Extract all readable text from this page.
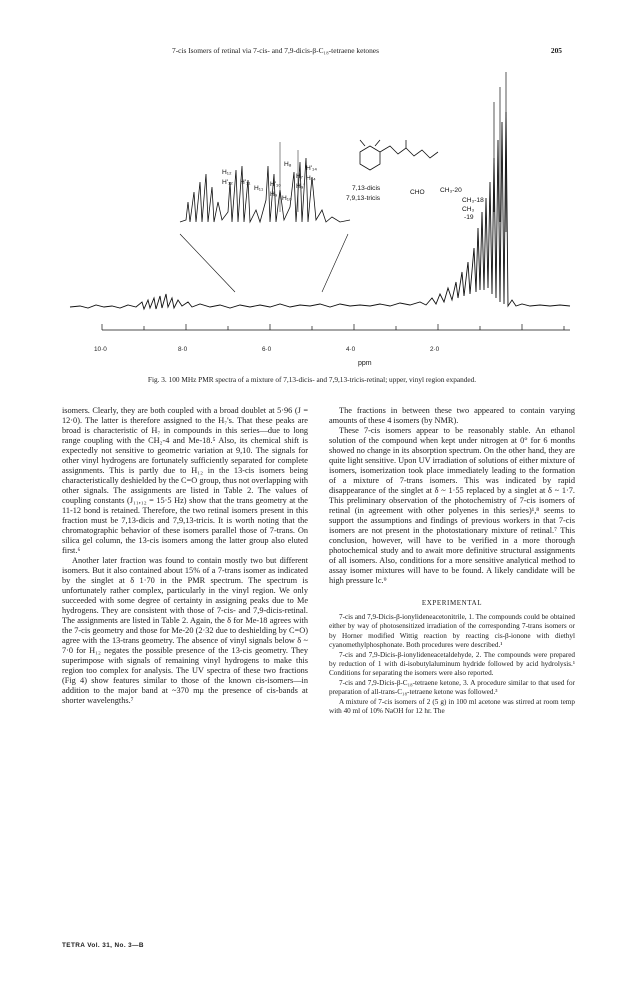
7-cis Isomers of retinal via 7-cis- and 7,9-dicis-β-C₁₈-tetraene ketones	205
H₈
H₁₂
H'₁₂ H'₁₁
H₁₁
H'₁₀
H₉
H₁₀
H₇
H'₁₄
H₁₄
H₉'	7,13-dicis
7,9,13-tricis
CHO CH₃-20
CH₃-18
CH₃
-19
10·0	8·0	6·0	4·0	2·0
ppm
Fig. 3. 100 MHz PMR spectra of a mixture of 7,13-dicis- and 7,9,13-tricis-retinal; upper, vinyl region expanded.

isomers. Clearly, they are both coupled with a broad doublet at 5·96 (J = 12·0). The latter is therefore assigned to the H₇'s. That these peaks are broad is characteristic of H₇ in compounds in this series—due to long range coupling with the CH₂-4 and Me-18.⁵ Also, its chemical shift is expectedly not sensitive to geometric variation at 9,10. The signals for other vinyl hydrogens are fortunately sufficiently separated for complete assignments. This is partly due to H₁₂ in the 13-cis isomers being characteristically deshielded by the C=O group, thus not overlapping with other signals. The assignments are listed in Table 2. The values of coupling constants (J₁₁,₁₂ = 15·5 Hz) show that the trans geometry at the 11-12 bond is retained. Therefore, the two retinal isomers present in this fraction must be 7,13-dicis and 7,9,13-tricis. It is worth noting that the chromatographic behavior of these isomers parallel those of 7-trans. On silica gel column, the 13-cis isomers among the latter group also eluted first.⁶

Another later fraction was found to contain mostly two but different isomers. But it also contained about 15% of a 7-trans isomer as indicated by the singlet at δ 1·70 in the PMR spectrum. The spectrum is unfortunately rather complex, particularly in the vinyl region. We only succeeded with some degree of certainty in assigning peaks due to Me hydrogens. They are consistent with those of 7-cis- and 7,9-dicis-retinal. The assignments are listed in Table 2. Again, the δ for Me-18 agrees with the 7-cis geometry and those for Me-20 (2·32 due to deshielding by C=O) agree with the 13-trans geometry. The absence of vinyl signals below δ ~ 7·0 for H₁₂ negates the possible presence of the 13-cis geometry. They superimpose with signals of remaining vinyl hydrogens to make this region too complex for analysis. The UV spectra of these two fractions (Fig 4) show features similar to those of the known cis-isomers—in addition to the major band at ~370 mμ the presence of cis-bands at shorter wavelengths.⁷

The fractions in between these two appeared to contain varying amounts of these 4 isomers (by NMR).

These 7-cis isomers appear to be reasonably stable. An ethanol solution of the compound when kept under nitrogen at 0° for 6 months showed no change in its absorption spectrum. On the other hand, they are quite light sensitive. Upon UV irradiation of solutions of either mixture of isomers, isomerization took place immediately leading to the formation of a mixture of 7-trans isomers. This was indicated by rapid disappearance of the singlet at δ ~ 1·55 replaced by a singlet at δ ~ 1·7. This preliminary observation of the photochemistry of 7-cis isomers of retinal (in agreement with other polyenes in this series)¹,⁸ seems to support the assumptions and findings of previous workers in that 7-cis isomers are not present in the photostationary mixture of retinal.⁷ This conclusion, however, will have to be verified in a more thorough photochemical study and to await more definitive structural assignments of all isomers. Also, conditions for a more sensitive analytical method to assay isomer mixtures will have to be found. A likely candidate will be high pressure lc.⁹

EXPERIMENTAL

7-cis and 7,9-Dicis-β-ionylideneacetonitrile, 1. The compounds could be obtained either by way of photosensitized irradiation of the corresponding 7-trans isomers or by Horner modified Wittig reaction by reacting cis-β-ionone with diethyl cyanomethylphosphonate. Both procedures were described.¹

7-cis and 7,9-Dicis-β-ionylideneacetaldehyde, 2. The compounds were prepared by reduction of 1 with di-isobutylaluminum hydride followed by acid hydrolysis.¹ Conditions for separating the isomers were also reported.

7-cis and 7,9-Dicis-β-C₁₈-tetraene ketone, 3. A procedure similar to that used for preparation of all-trans-C₁₈-tetraene ketone was followed.³

A mixture of 7-cis isomers of 2 (5 g) in 100 ml acetone was stirred at room temp with 40 ml of 10% NaOH for 12 hr. The

TETRA Vol. 31, No. 3—B
